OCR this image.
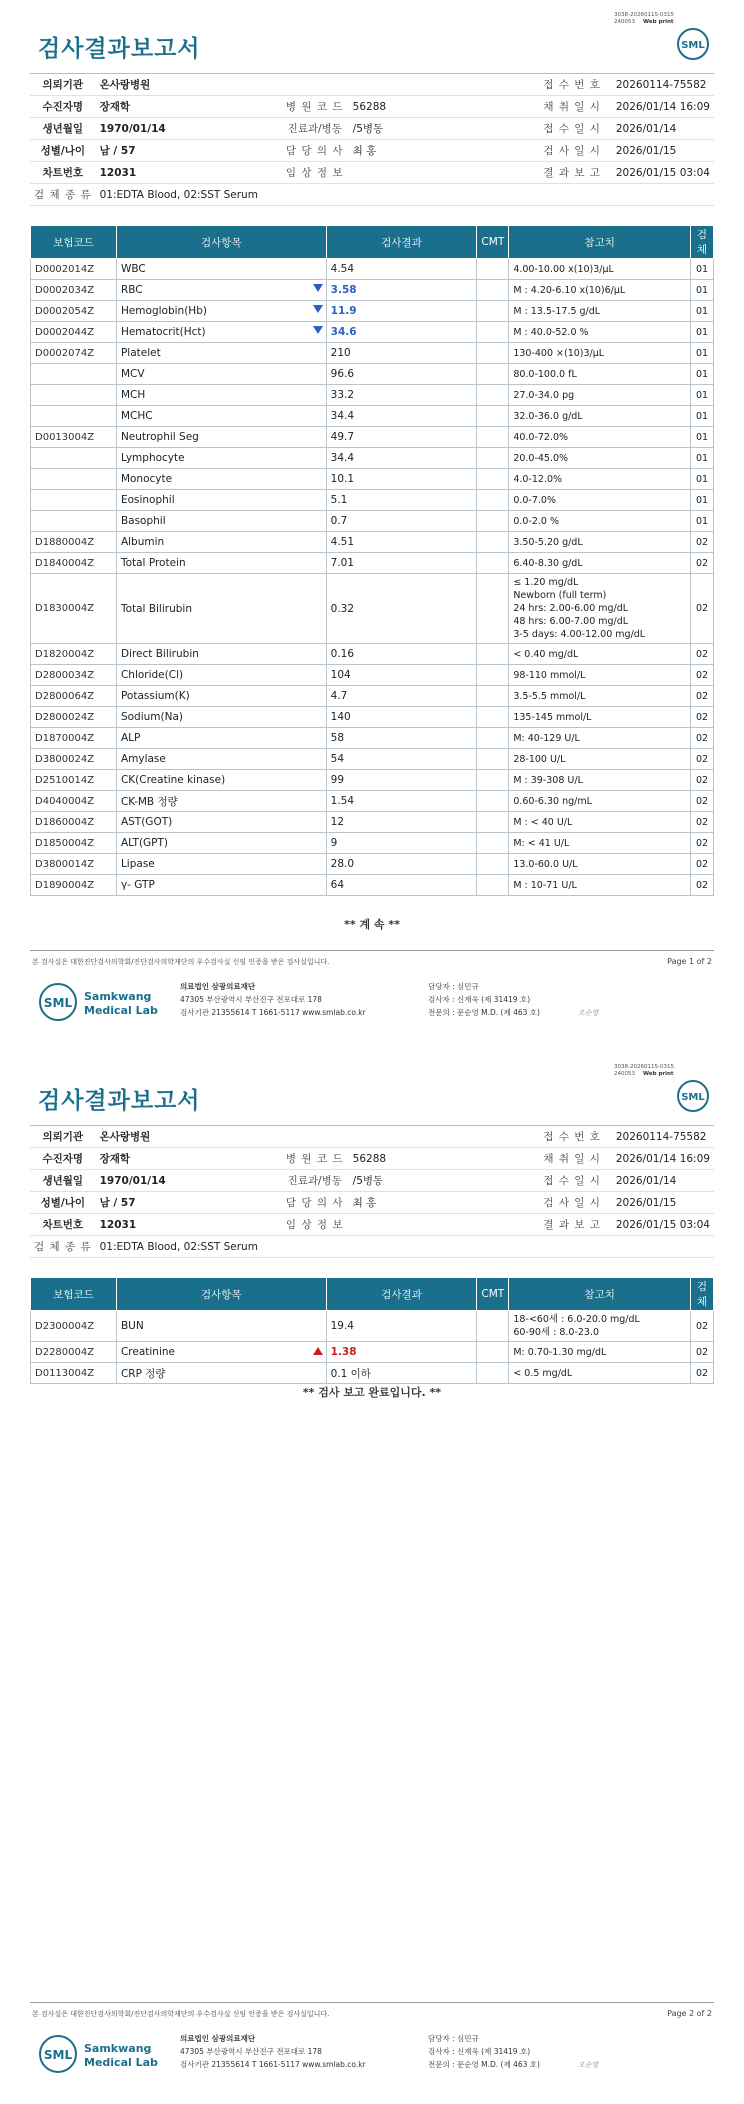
3038-20260115-0315
240053 Web print
검사결과보고서	SML
의뢰기관	온사랑병원			접 수 번 호	20260114-75582
수진자명	장재학	병 원 코 드	56288	채 취 일 시	2026/01/14 16:09
생년월일	1970/01/14	진료과/병동	/5병동	접 수 일 시	2026/01/14
성별/나이	남 / 57	담 당 의 사	최 홍	검 사 일 시	2026/01/15
차트번호	12031	임 상 정 보		결 과 보 고	2026/01/15 03:04
검 체 종 류	01:EDTA Blood, 02:SST Serum				
보험코드	검사항목	검사결과	CMT	참고치	검체
D0002014Z	WBC	4.54		4.00-10.00 x(10)3/μL	01
D0002034Z	RBC	3.58		M : 4.20-6.10 x(10)6/μL	01
D0002054Z	Hemoglobin(Hb)	11.9		M : 13.5-17.5 g/dL	01
D0002044Z	Hematocrit(Hct)	34.6		M : 40.0-52.0 %	01
D0002074Z	Platelet	210		130-400 ×(10)3/μL	01
	MCV	96.6		80.0-100.0 fL	01
	MCH	33.2		27.0-34.0 pg	01
	MCHC	34.4		32.0-36.0 g/dL	01
D0013004Z	Neutrophil Seg	49.7		40.0-72.0%	01
	Lymphocyte	34.4		20.0-45.0%	01
	Monocyte	10.1		4.0-12.0%	01
	Eosinophil	5.1		0.0-7.0%	01
	Basophil	0.7		0.0-2.0 %	01
D1880004Z	Albumin	4.51		3.50-5.20 g/dL	02
D1840004Z	Total Protein	7.01		6.40-8.30 g/dL	02
D1830004Z	Total Bilirubin	0.32		≤ 1.20 mg/dL
Newborn (full term)
24 hrs: 2.00-6.00 mg/dL
48 hrs: 6.00-7.00 mg/dL
3-5 days: 4.00-12.00 mg/dL	02
D1820004Z	Direct Bilirubin	0.16		< 0.40 mg/dL	02
D2800034Z	Chloride(Cl)	104		98-110 mmol/L	02
D2800064Z	Potassium(K)	4.7		3.5-5.5 mmol/L	02
D2800024Z	Sodium(Na)	140		135-145 mmol/L	02
D1870004Z	ALP	58		M: 40-129 U/L	02
D3800024Z	Amylase	54		28-100 U/L	02
D2510014Z	CK(Creatine kinase)	99		M : 39-308 U/L	02
D4040004Z	CK-MB 정량	1.54		0.60-6.30 ng/mL	02
D1860004Z	AST(GOT)	12		M : < 40 U/L	02
D1850004Z	ALT(GPT)	9		M: < 41 U/L	02
D3800014Z	Lipase	28.0		13.0-60.0 U/L	02
D1890004Z	γ- GTP	64		M : 10-71 U/L	02
** 계 속 **
본 검사실은 대한진단검사의학회/진단검사의학재단의 우수검사실 신임 인증을 받은 검사실입니다.	Page 1 of 2
SML Samkwang
Medical Lab
의료법인 삼광의료재단
47305 부산광역시 부산진구 전포대로 178
검사기관 21355614 T 1661-5117 www.smlab.co.kr
담당자 : 심민규
검사자 : 신재욱 (제 31419 호)
전문의 : 문순영 M.D. (제 463 호)	오순영
3038-20260115-0315
240053 Web print
검사결과보고서	SML
의뢰기관	온사랑병원			접 수 번 호	20260114-75582
수진자명	장재학	병 원 코 드	56288	채 취 일 시	2026/01/14 16:09
생년월일	1970/01/14	진료과/병동	/5병동	접 수 일 시	2026/01/14
성별/나이	남 / 57	담 당 의 사	최 홍	검 사 일 시	2026/01/15
차트번호	12031	임 상 정 보		결 과 보 고	2026/01/15 03:04
검 체 종 류	01:EDTA Blood, 02:SST Serum				
보험코드	검사항목	검사결과	CMT	참고치	검체
D2300004Z	BUN	19.4		18-<60세 : 6.0-20.0 mg/dL
60-90세 : 8.0-23.0	02
D2280004Z	Creatinine	1.38		M: 0.70-1.30 mg/dL	02
D0113004Z	CRP 정량	0.1 이하		< 0.5 mg/dL	02
** 검사 보고 완료입니다. **
본 검사실은 대한진단검사의학회/진단검사의학재단의 우수검사실 신임 인증을 받은 검사실입니다.	Page 2 of 2
SML Samkwang
Medical Lab
의료법인 삼광의료재단
47305 부산광역시 부산진구 전포대로 178
검사기관 21355614 T 1661-5117 www.smlab.co.kr
담당자 : 심민규
검사자 : 신재욱 (제 31419 호)
전문의 : 문순영 M.D. (제 463 호)	오순영
